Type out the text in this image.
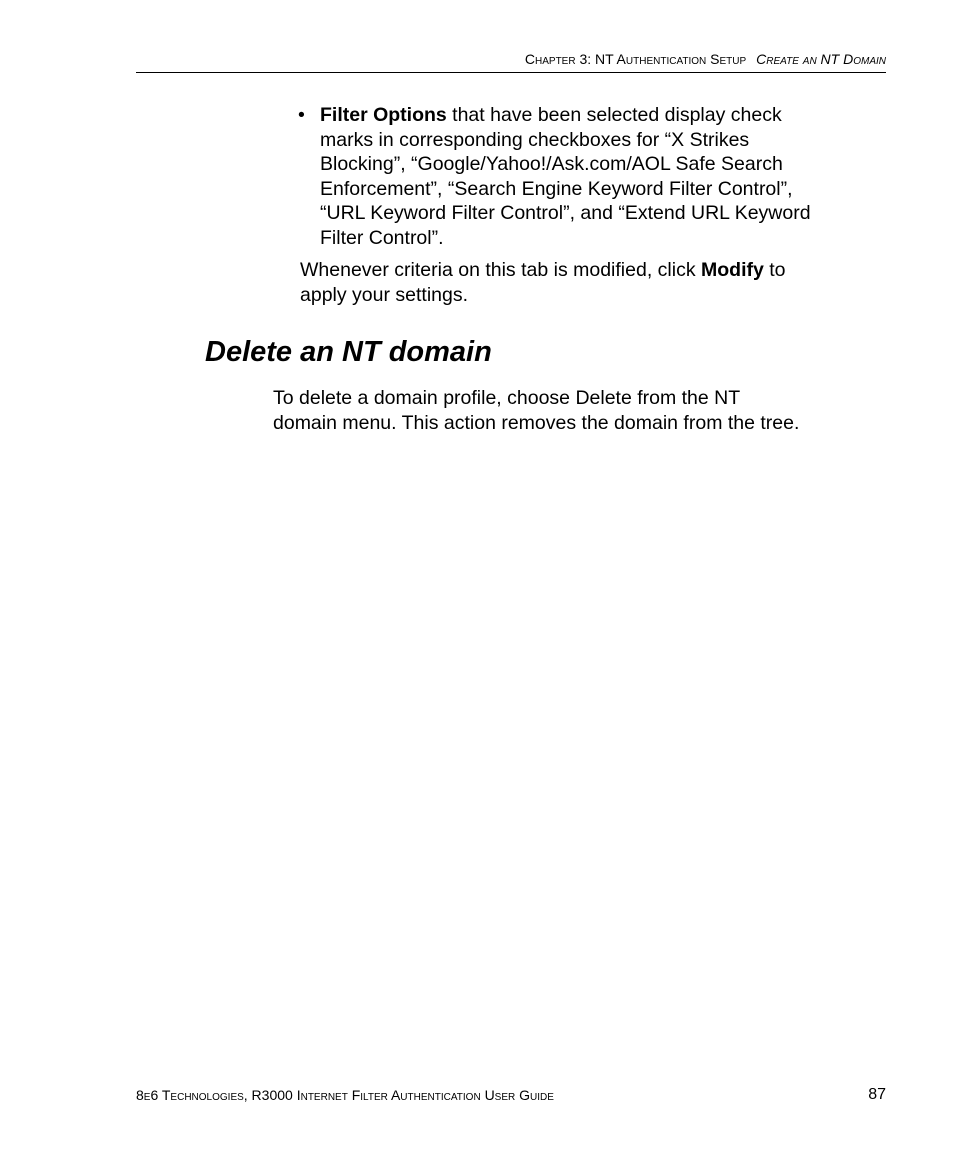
Chapter 3: NT Authentication Setup Create an NT Domain
• Filter Options that have been selected display check marks in corresponding checkboxes for “X Strikes Blocking”, “Google/Yahoo!/Ask.com/AOL Safe Search Enforcement”, “Search Engine Keyword Filter Control”, “URL Keyword Filter Control”, and “Extend URL Keyword Filter Control”.

Whenever criteria on this tab is modified, click Modify to apply your settings.

Delete an NT domain

To delete a domain profile, choose Delete from the NT domain menu. This action removes the domain from the tree.

8e6 Technologies, R3000 Internet Filter Authentication User Guide	87
